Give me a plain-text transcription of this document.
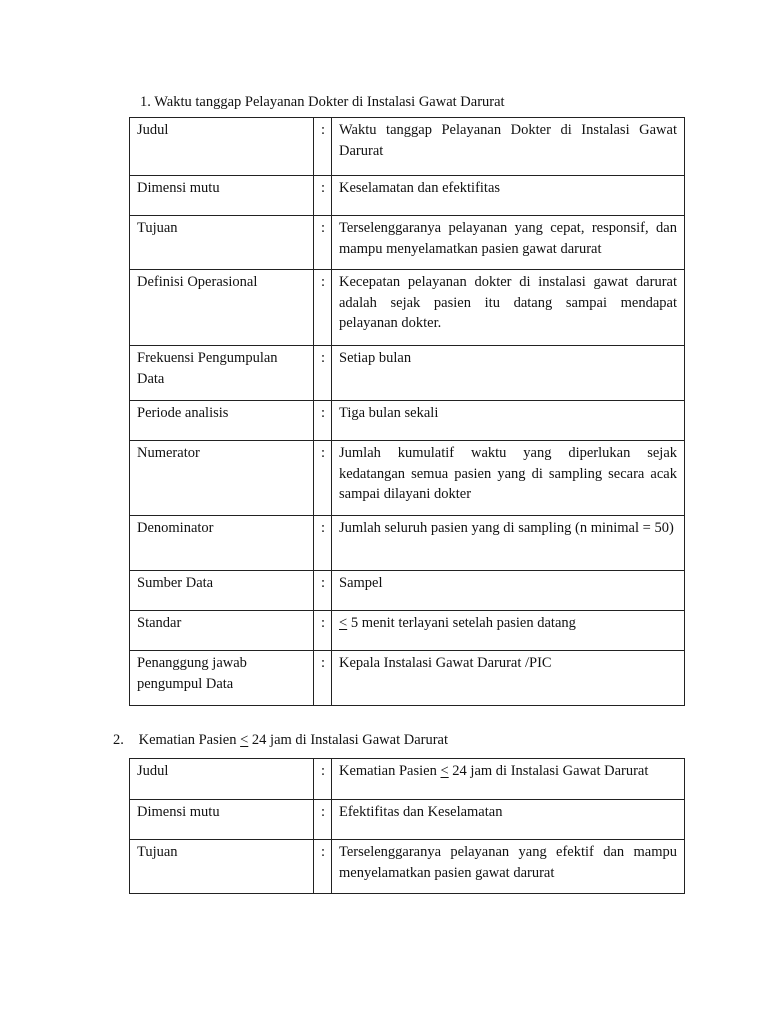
1. Waktu tanggap Pelayanan Dokter di Instalasi Gawat Darurat

Judul	:	Waktu tanggap Pelayanan Dokter di Instalasi Gawat Darurat
Dimensi mutu	:	Keselamatan dan efektifitas
Tujuan	:	Terselenggaranya pelayanan yang cepat, responsif, dan mampu menyelamatkan pasien gawat darurat
Definisi Operasional	:	Kecepatan pelayanan dokter di instalasi gawat darurat adalah sejak pasien itu datang sampai mendapat pelayanan dokter.
Frekuensi Pengumpulan Data	:	Setiap bulan
Periode analisis	:	Tiga bulan sekali
Numerator	:	Jumlah kumulatif waktu yang diperlukan sejak kedatangan semua pasien yang di sampling secara acak sampai dilayani dokter
Denominator	:	Jumlah seluruh pasien yang di sampling (n minimal = 50)
Sumber Data	:	Sampel
Standar	:	< 5 menit terlayani setelah pasien datang
Penanggung jawab pengumpul Data	:	Kepala Instalasi Gawat Darurat /PIC

2. Kematian Pasien ≤ 24 jam di Instalasi Gawat Darurat

Judul	:	Kematian Pasien ≤ 24 jam di Instalasi Gawat Darurat
Dimensi mutu	:	Efektifitas dan Keselamatan
Tujuan	:	Terselenggaranya pelayanan yang efektif dan mampu menyelamatkan pasien gawat darurat
